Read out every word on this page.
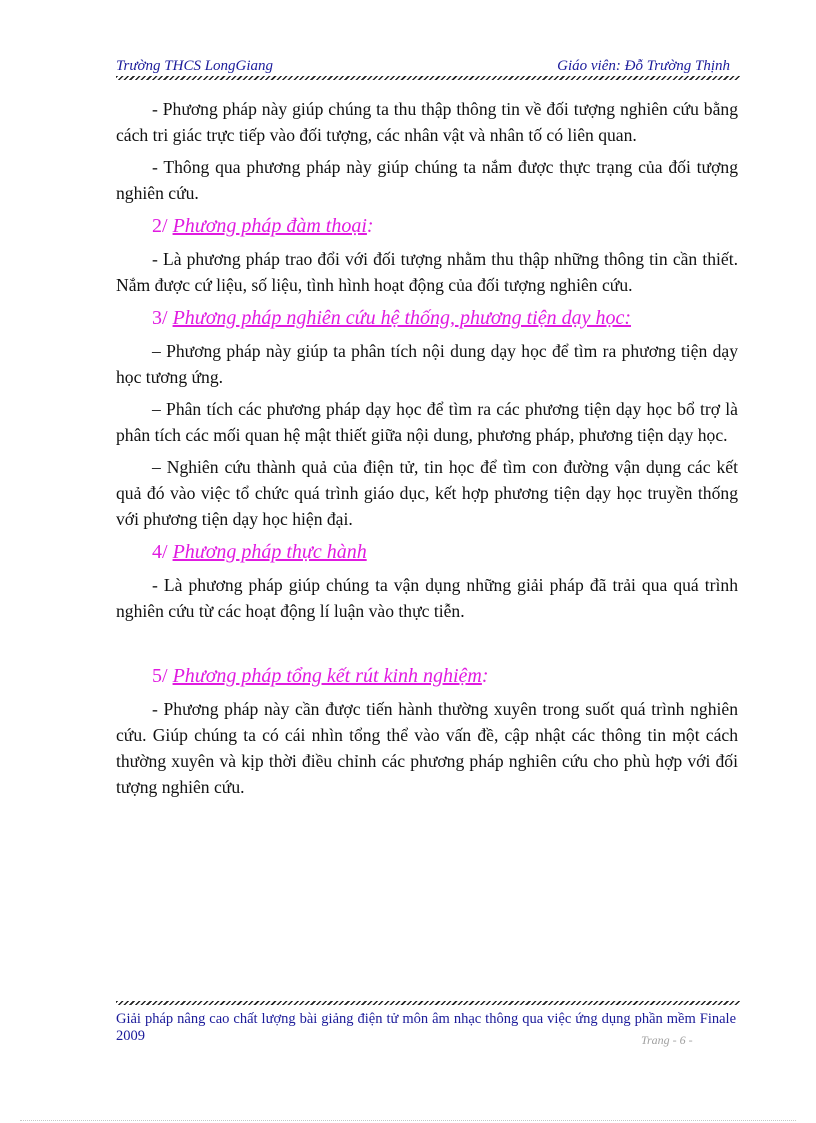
Trường THCS LongGiang	Giáo viên: Đỗ Trường Thịnh

- Phương pháp này giúp chúng ta thu thập thông tin về đối tượng nghiên cứu bằng cách tri giác trực tiếp vào đối tượng, các nhân vật và nhân tố có liên quan.

- Thông qua phương pháp này giúp chúng ta nắm được thực trạng của đối tượng nghiên cứu.

2/ Phương pháp đàm thoại:

- Là phương pháp trao đổi với đối tượng nhằm thu thập những thông tin cần thiết. Nắm được cứ liệu, số liệu, tình hình hoạt động của đối tượng nghiên cứu.

3/ Phương pháp nghiên cứu hệ thống, phương tiện dạy học:

– Phương pháp này giúp ta phân tích nội dung dạy học để tìm ra phương tiện dạy học tương ứng.

– Phân tích các phương pháp dạy học để tìm ra các phương tiện dạy học bổ trợ là phân tích các mối quan hệ mật thiết giữa nội dung, phương pháp, phương tiện dạy học.

– Nghiên cứu thành quả của điện tử, tin học để tìm con đường vận dụng các kết quả đó vào việc tổ chức quá trình giáo dục, kết hợp phương tiện dạy học truyền thống với phương tiện dạy học hiện đại.

4/ Phương pháp thực hành

- Là phương pháp giúp chúng ta vận dụng những giải pháp đã trải qua quá trình nghiên cứu từ các hoạt động lí luận vào thực tiễn.

5/ Phương pháp tổng kết rút kinh nghiệm:

- Phương pháp này cần được tiến hành thường xuyên trong suốt quá trình nghiên cứu. Giúp chúng ta có cái nhìn tổng thể vào vấn đề, cập nhật các thông tin một cách thường xuyên và kịp thời điều chỉnh các phương pháp nghiên cứu cho phù hợp với đối tượng nghiên cứu.

Giải pháp nâng cao chất lượng bài giảng điện tử môn âm nhạc thông qua việc ứng dụng phần mềm Finale 2009	Trang - 6 -
